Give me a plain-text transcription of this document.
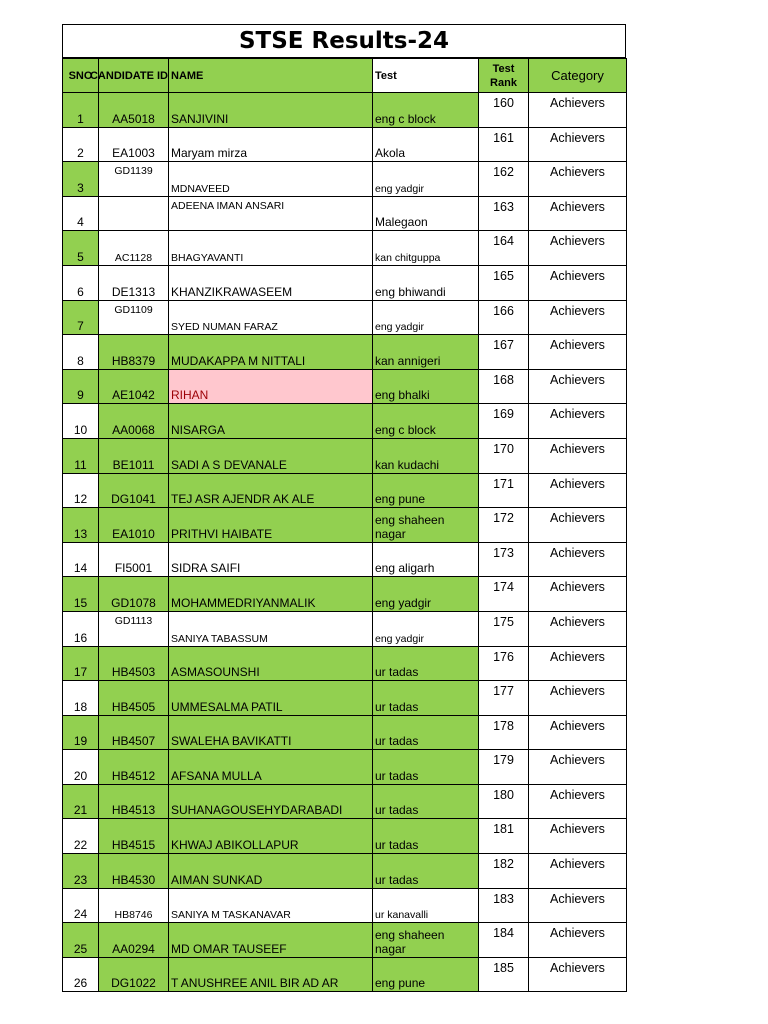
STSE Results-24
SNO	CANDIDATE ID	NAME	Test	Test Rank	Category
1	AA5018	SANJIVINI	eng c block	160	Achievers
2	EA1003	Maryam mirza	Akola	161	Achievers
3	GD1139	MDNAVEED	eng yadgir	162	Achievers
4		ADEENA IMAN ANSARI	Malegaon	163	Achievers
5	AC1128	BHAGYAVANTI	kan chitguppa	164	Achievers
6	DE1313	KHANZIKRAWASEEM	eng bhiwandi	165	Achievers
7	GD1109	SYED NUMAN FARAZ	eng yadgir	166	Achievers
8	HB8379	MUDAKAPPA M NITTALI	kan annigeri	167	Achievers
9	AE1042	RIHAN	eng bhalki	168	Achievers
10	AA0068	NISARGA	eng c block	169	Achievers
11	BE1011	SADI A S DEVANALE	kan kudachi	170	Achievers
12	DG1041	TEJ ASR AJENDR AK ALE	eng pune	171	Achievers
13	EA1010	PRITHVI HAIBATE	eng shaheen nagar	172	Achievers
14	FI5001	SIDRA SAIFI	eng aligarh	173	Achievers
15	GD1078	MOHAMMEDRIYANMALIK	eng yadgir	174	Achievers
16	GD1113	SANIYA TABASSUM	eng yadgir	175	Achievers
17	HB4503	ASMASOUNSHI	ur tadas	176	Achievers
18	HB4505	UMMESALMA PATIL	ur tadas	177	Achievers
19	HB4507	SWALEHA BAVIKATTI	ur tadas	178	Achievers
20	HB4512	AFSANA MULLA	ur tadas	179	Achievers
21	HB4513	SUHANAGOUSEHYDARABADI	ur tadas	180	Achievers
22	HB4515	KHWAJ ABIKOLLAPUR	ur tadas	181	Achievers
23	HB4530	AIMAN SUNKAD	ur tadas	182	Achievers
24	HB8746	SANIYA M TASKANAVAR	ur kanavalli	183	Achievers
25	AA0294	MD OMAR TAUSEEF	eng shaheen nagar	184	Achievers
26	DG1022	T ANUSHREE ANIL BIR AD AR	eng pune	185	Achievers
